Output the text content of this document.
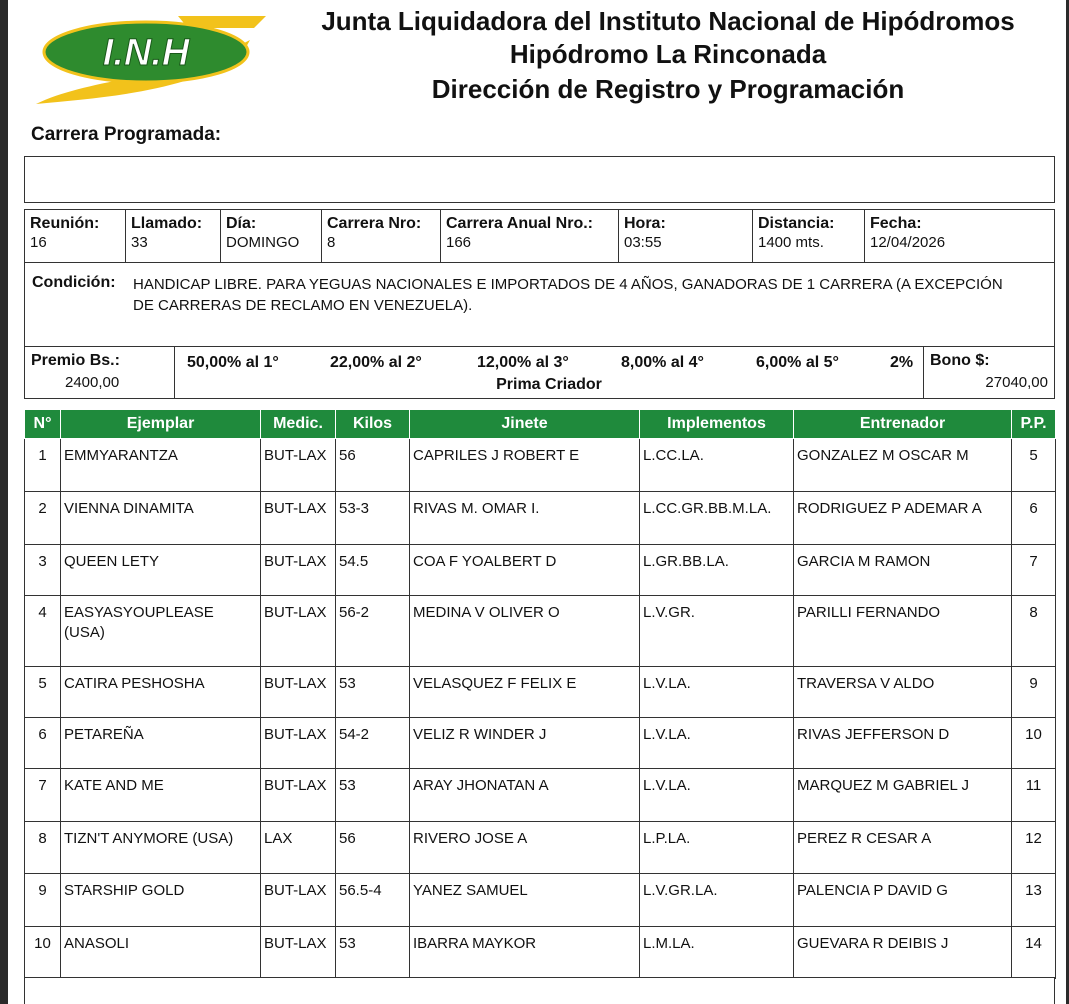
I.N.H
Junta Liquidadora del Instituto Nacional de Hipódromos
Hipódromo La Rinconada
Dirección de Registro y Programación
Carrera Programada:
Reunión:
16
Llamado:
33
Día:
DOMINGO
Carrera Nro:
8
Carrera Anual Nro.:
166
Hora:
03:55
Distancia:
1400 mts.
Fecha:
12/04/2026
Condición: HANDICAP LIBRE. PARA YEGUAS NACIONALES E IMPORTADOS DE 4 AÑOS, GANADORAS DE 1 CARRERA (A EXCEPCIÓN DE CARRERAS DE RECLAMO EN VENEZUELA).
Premio Bs.:
2400,00
50,00% al 1°	22,00% al 2°	12,00% al 3°	8,00% al 4°	6,00% al 5°	2%
Prima Criador
Bono $:
27040,00
N°	Ejemplar	Medic.	Kilos	Jinete	Implementos	Entrenador	P.P.
1	EMMYARANTZA	BUT-LAX	56	CAPRILES J ROBERT E	L.CC.LA.	GONZALEZ M OSCAR M	5
2	VIENNA DINAMITA	BUT-LAX	53-3	RIVAS M. OMAR I.	L.CC.GR.BB.M.LA.	RODRIGUEZ P ADEMAR A	6
3	QUEEN LETY	BUT-LAX	54.5	COA F YOALBERT D	L.GR.BB.LA.	GARCIA M RAMON	7
4	EASYASYOUPLEASE (USA)	BUT-LAX	56-2	MEDINA V OLIVER O	L.V.GR.	PARILLI FERNANDO	8
5	CATIRA PESHOSHA	BUT-LAX	53	VELASQUEZ F FELIX E	L.V.LA.	TRAVERSA V ALDO	9
6	PETAREÑA	BUT-LAX	54-2	VELIZ R WINDER J	L.V.LA.	RIVAS JEFFERSON D	10
7	KATE AND ME	BUT-LAX	53	ARAY JHONATAN A	L.V.LA.	MARQUEZ M GABRIEL J	11
8	TIZN'T ANYMORE (USA)	LAX	56	RIVERO JOSE A	L.P.LA.	PEREZ R CESAR A	12
9	STARSHIP GOLD	BUT-LAX	56.5-4	YANEZ SAMUEL	L.V.GR.LA.	PALENCIA P DAVID G	13
10	ANASOLI	BUT-LAX	53	IBARRA MAYKOR	L.M.LA.	GUEVARA R DEIBIS J	14
